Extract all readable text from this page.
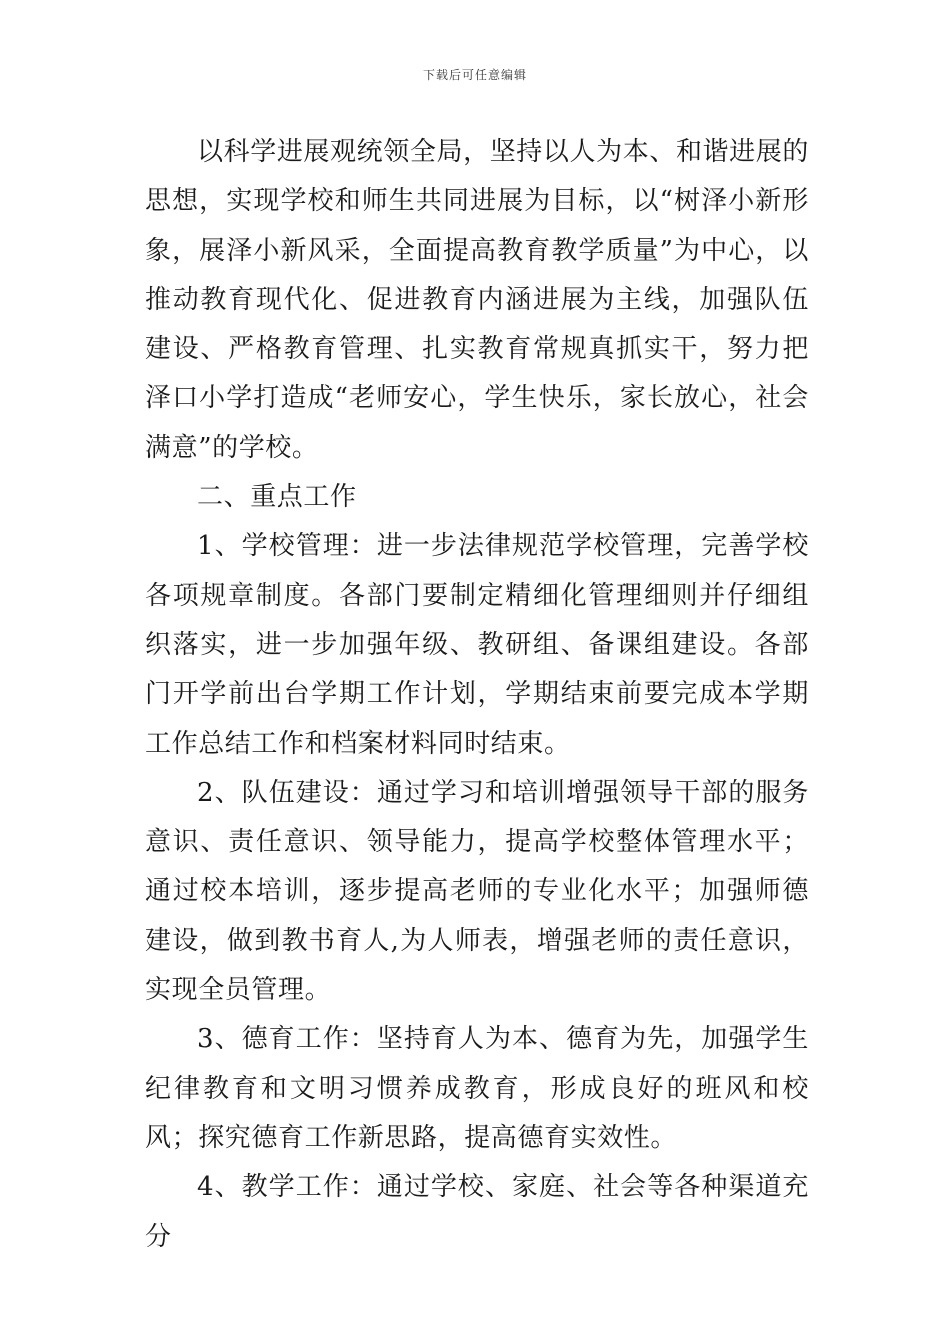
下载后可任意编辑

以科学进展观统领全局，坚持以人为本、和谐进展的思想，实现学校和师生共同进展为目标，以“树泽小新形象，展泽小新风采，全面提高教育教学质量”为中心，以推动教育现代化、促进教育内涵进展为主线，加强队伍建设、严格教育管理、扎实教育常规真抓实干，努力把泽口小学打造成“老师安心，学生快乐，家长放心，社会满意”的学校。

二、重点工作

1、学校管理：进一步法律规范学校管理，完善学校各项规章制度。各部门要制定精细化管理细则并仔细组织落实，进一步加强年级、教研组、备课组建设。各部门开学前出台学期工作计划，学期结束前要完成本学期工作总结工作和档案材料同时结束。

2、队伍建设：通过学习和培训增强领导干部的服务意识、责任意识、领导能力，提高学校整体管理水平；通过校本培训，逐步提高老师的专业化水平；加强师德建设，做到教书育人,为人师表，增强老师的责任意识，实现全员管理。

3、德育工作：坚持育人为本、德育为先，加强学生纪律教育和文明习惯养成教育，形成良好的班风和校风；探究德育工作新思路，提高德育实效性。

4、教学工作：通过学校、家庭、社会等各种渠道充分
